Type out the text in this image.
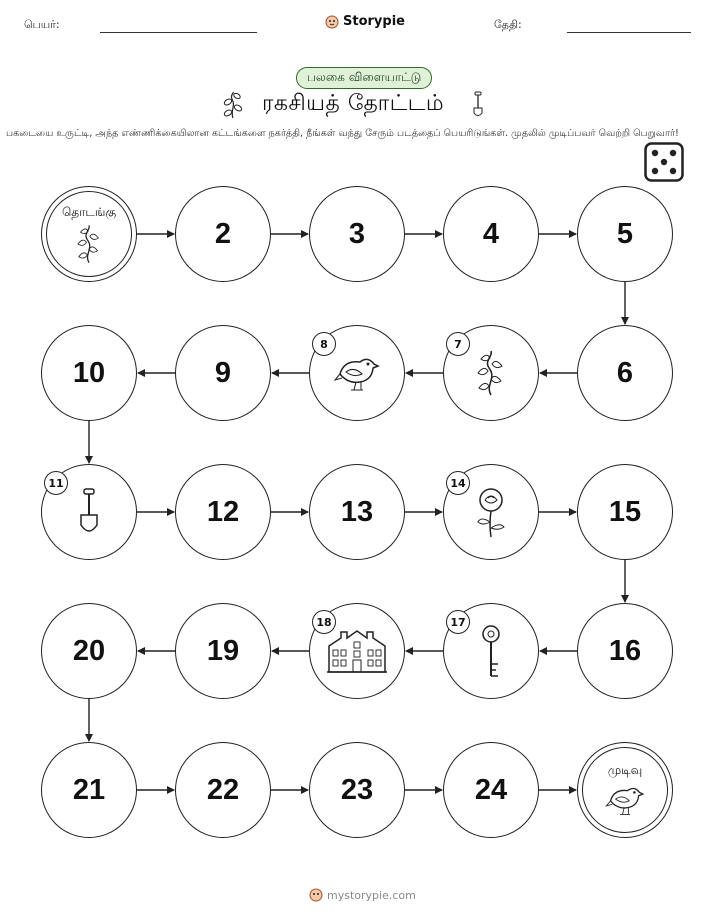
பெயர்:	Storypie	தேதி:
பலகை விளையாட்டு
ரகசியத் தோட்டம்
பகடையை உருட்டி, அந்த எண்ணிக்கையிலான கட்டங்களை நகர்த்தி, நீங்கள் வந்து சேரும் படத்தைப் பெயரிடுங்கள். முதலில் முடிப்பவர் வெற்றி பெறுவார்!
தொடங்கு
2	3	4	5
6
7
8
9
10
11
12	13
14
15
16
17
18
19
20
21	22	23	24
முடிவு
mystorypie.com
